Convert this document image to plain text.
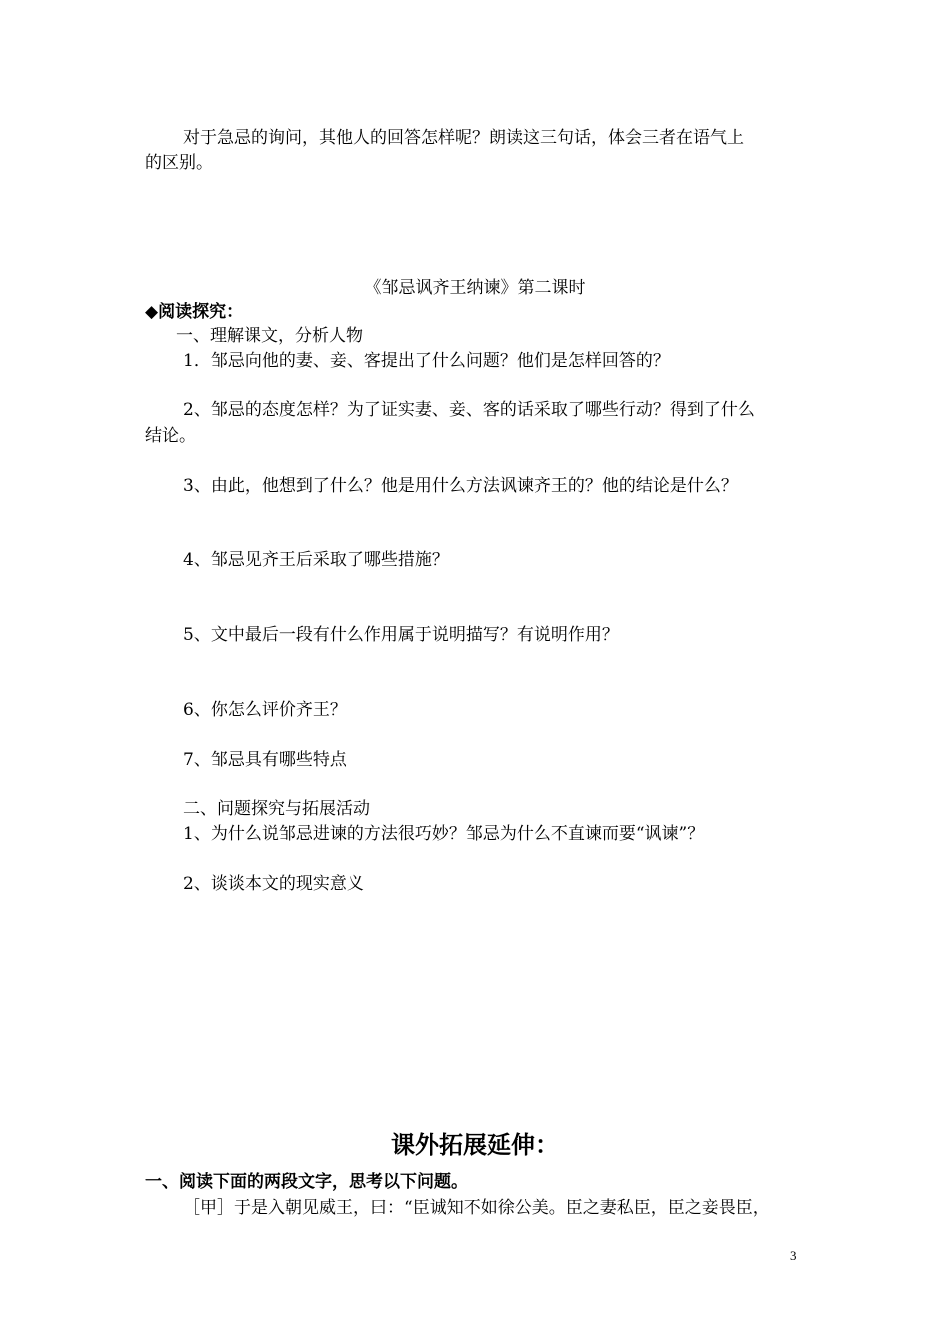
对于急忌的询问，其他人的回答怎样呢？朗读这三句话，体会三者在语气上
的区别。
《邹忌讽齐王纳谏》第二课时
◆阅读探究：
一、理解课文，分析人物
1．邹忌向他的妻、妾、客提出了什么问题？他们是怎样回答的？
2、邹忌的态度怎样？为了证实妻、妾、客的话采取了哪些行动？得到了什么
结论。
3、由此，他想到了什么？他是用什么方法讽谏齐王的？他的结论是什么？
4、邹忌见齐王后采取了哪些措施？
5、文中最后一段有什么作用属于说明描写？有说明作用？
6、你怎么评价齐王？
7、邹忌具有哪些特点
二、问题探究与拓展活动
1、为什么说邹忌进谏的方法很巧妙？邹忌为什么不直谏而要“讽谏”？
2、谈谈本文的现实意义
课外拓展延伸：
一、阅读下面的两段文字，思考以下问题。
［甲］于是入朝见威王，曰：“臣诚知不如徐公美。臣之妻私臣，臣之妾畏臣，
3
